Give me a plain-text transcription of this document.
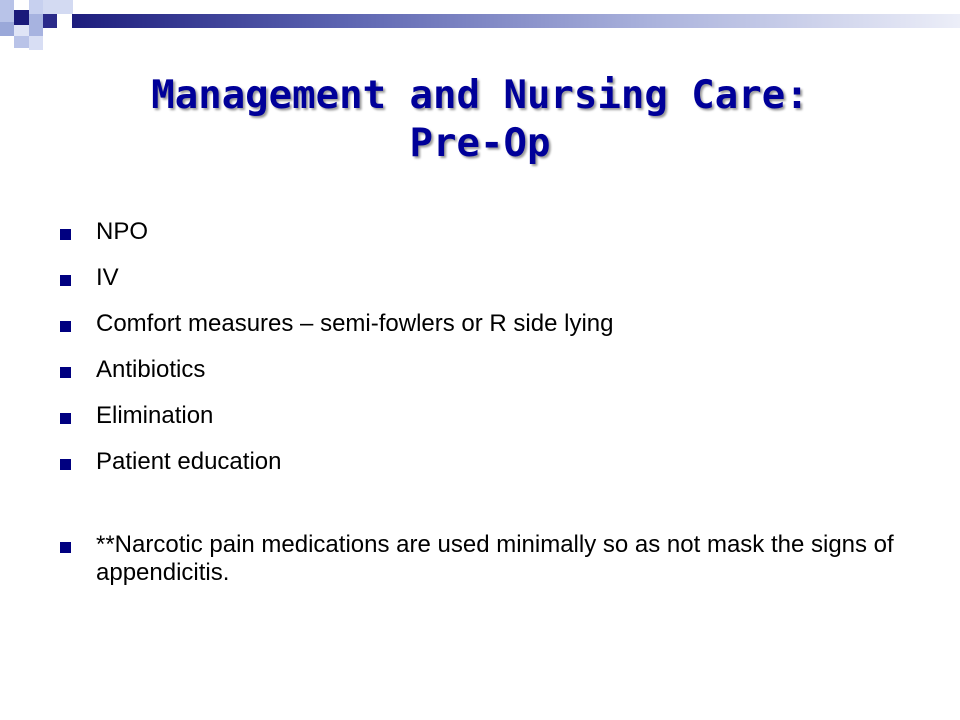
Management and Nursing Care:
Pre-Op
NPO
IV
Comfort measures – semi-fowlers or R side lying
Antibiotics
Elimination
Patient education
**Narcotic pain medications are used minimally so as not mask the signs of appendicitis.
